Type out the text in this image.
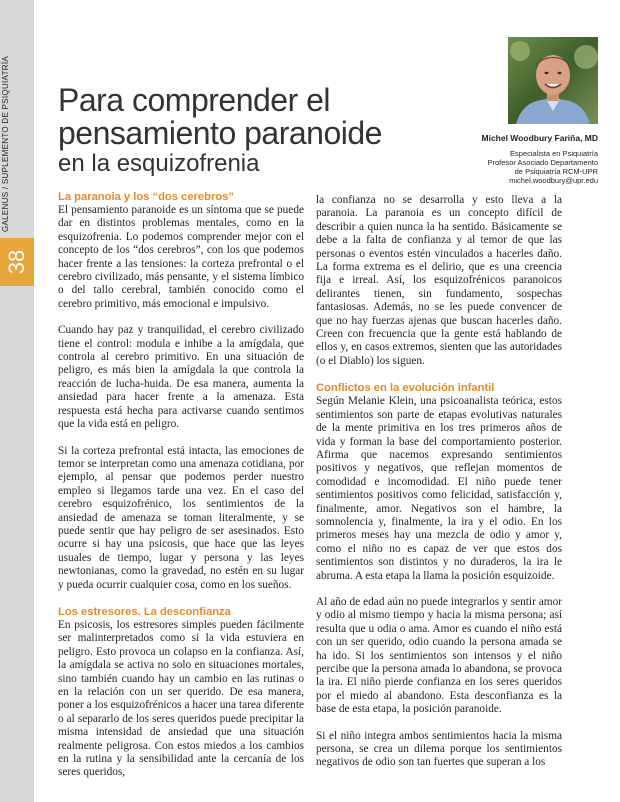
38
GALENUS / SUPLEMENTO DE PSIQUIATRÍA Para comprender el
pensamiento paranoide
en la esquizofrenia
Michel Woodbury Fariña, MD
Especialista en Psiquiatría
Profesor Asociado Departamento
de Psiquiatría RCM-UPR
michel.woodbury@upr.edu
La paranoia y los “dos cerebros”

El pensamiento paranoide es un síntoma que se puede dar en distintos problemas mentales, como en la esquizofrenia. Lo podemos comprender mejor con el concepto de los “dos cerebros”, con los que podemos hacer frente a las tensiones: la corteza prefrontal o el cerebro civilizado, más pensante, y el sistema límbico o del tallo cerebral, también conocido como el cerebro primitivo, más emocional e impulsivo.

Cuando hay paz y tranquilidad, el cerebro civilizado tiene el control: modula e inhibe a la amígdala, que controla al cerebro primitivo. En una situación de peligro, es más bien la amígdala la que controla la reacción de lucha-huida. De esa manera, aumenta la ansiedad para hacer frente a la amenaza. Esta respuesta está hecha para activarse cuando sentimos que la vida está en peligro.

Si la corteza prefrontal está intacta, las emociones de temor se interpretan como una amenaza cotidiana, por ejemplo, al pensar que podemos perder nuestro empleo si llegamos tarde una vez. En el caso del cerebro esquizofrénico, los sentimientos de la ansiedad de amenaza se toman literalmente, y se puede sentir que hay peligro de ser asesinados. Esto ocurre si hay una psicosis, que hace que las leyes usuales de tiempo, lugar y persona y las leyes newtonianas, como la gravedad, no estén en su lugar y pueda ocurrir cualquier cosa, como en los sueños.

Los estresores. La desconfianza

En psicosis, los estresores simples pueden fácilmente ser malinterpretados como si la vida estuviera en peligro. Esto provoca un colapso en la confianza. Así, la amígdala se activa no solo en situaciones mortales, sino también cuando hay un cambio en las rutinas o en la relación con un ser querido. De esa manera, poner a los esquizofrénicos a hacer una tarea diferente o al separarlo de los seres queridos puede precipitar la misma intensidad de ansiedad que una situación realmente peligrosa. Con estos miedos a los cambios en la rutina y la sensibilidad ante la cercanía de los seres queridos,

la confianza no se desarrolla y esto lleva a la paranoia. La paranoia es un concepto difícil de describir a quien nunca la ha sentido. Básicamente se debe a la falta de confianza y al temor de que las personas o eventos estén vinculados a hacerles daño. La forma extrema es el delirio, que es una creencia fija e irreal. Así, los esquizofrénicos paranoicos delirantes tienen, sin fundamento, sospechas fantasiosas. Además, no se les puede convencer de que no hay fuerzas ajenas que buscan hacerles daño. Creen con frecuencia que la gente está hablando de ellos y, en casos extremos, sienten que las autoridades (o el Diablo) los siguen.

Conflictos en la evolución infantil

Según Melanie Klein, una psicoanalista teórica, estos sentimientos son parte de etapas evolutivas naturales de la mente primitiva en los tres primeros años de vida y forman la base del comportamiento posterior. Afirma que nacemos expresando sentimientos positivos y negativos, que reflejan momentos de comodidad e incomodidad. El niño puede tener sentimientos positivos como felicidad, satisfacción y, finalmente, amor. Negativos son el hambre, la somnolencia y, finalmente, la ira y el odio. En los primeros meses hay una mezcla de odio y amor y, como el niño no es capaz de ver que estos dos sentimientos son distintos y no duraderos, la ira le abruma. A esta etapa la llama la posición esquizoide.

Al año de edad aún no puede integrarlos y sentir amor y odio al mismo tiempo y hacia la misma persona; así resulta que u odia o ama. Amor es cuando el niño está con un ser querido, odio cuando la persona amada se ha ido. Si los sentimientos son intensos y el niño percibe que la persona amada lo abandona, se provoca la ira. El niño pierde confianza en los seres queridos por el miedo al abandono. Esta desconfianza es la base de esta etapa, la posición paranoide.

Si el niño integra ambos sentimientos hacia la misma persona, se crea un dilema porque los sentimientos negativos de odio son tan fuertes que superan a los
